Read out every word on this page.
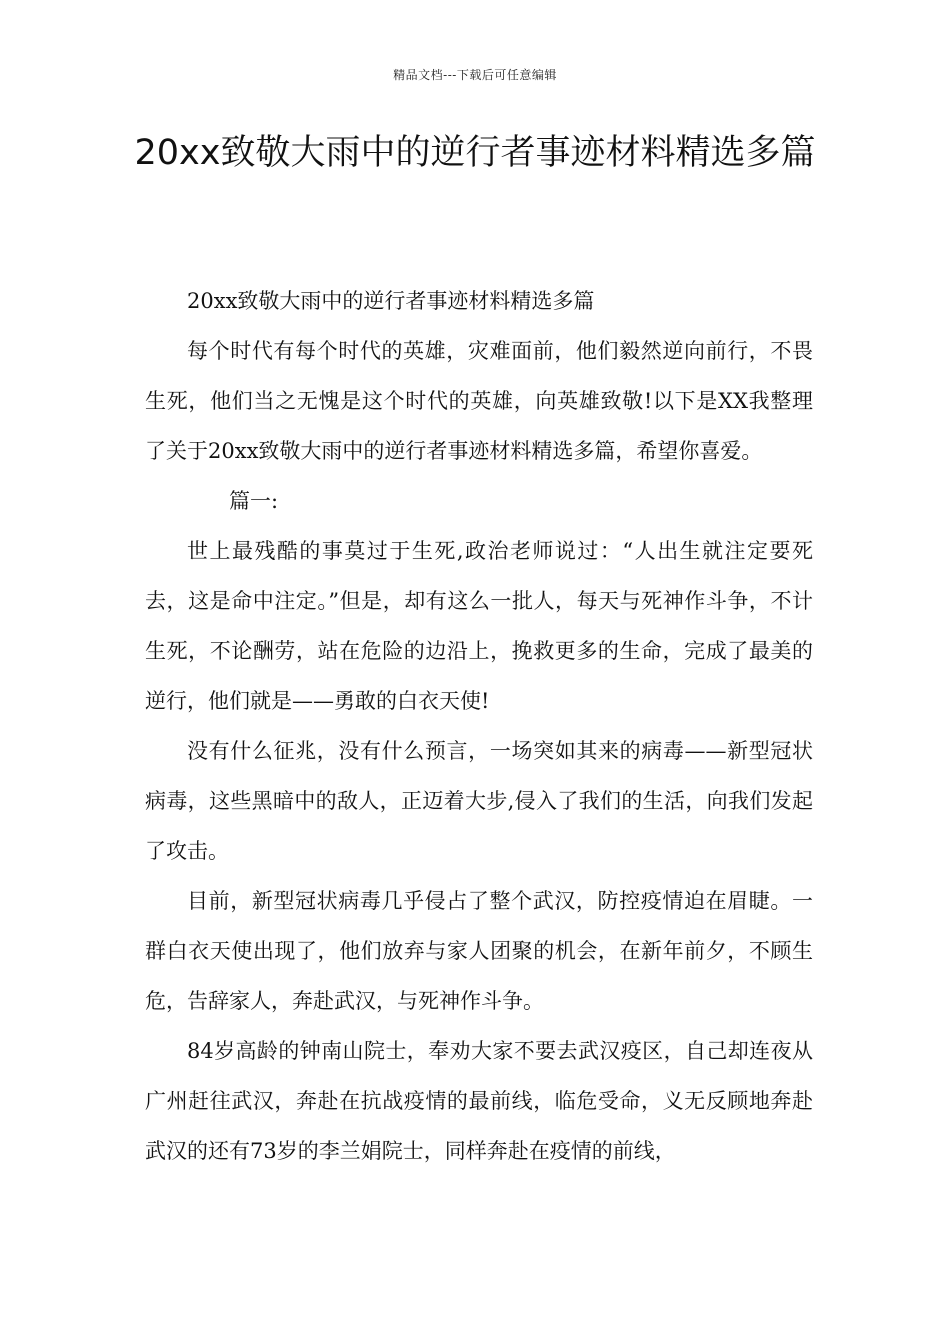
精品文档---下载后可任意编辑
20xx致敬大雨中的逆行者事迹材料精选多篇

20xx致敬大雨中的逆行者事迹材料精选多篇

每个时代有每个时代的英雄，灾难面前，他们毅然逆向前行，不畏生死，他们当之无愧是这个时代的英雄，向英雄致敬!以下是XX我整理了关于20xx致敬大雨中的逆行者事迹材料精选多篇，希望你喜爱。

篇一:

世上最残酷的事莫过于生死,政治老师说过：“人出生就注定要死去，这是命中注定。”但是，却有这么一批人，每天与死神作斗争，不计生死，不论酬劳，站在危险的边沿上，挽救更多的生命，完成了最美的逆行，他们就是——勇敢的白衣天使!

没有什么征兆，没有什么预言，一场突如其来的病毒——新型冠状病毒，这些黑暗中的敌人，正迈着大步,侵入了我们的生活，向我们发起了攻击。

目前，新型冠状病毒几乎侵占了整个武汉，防控疫情迫在眉睫。一群白衣天使出现了，他们放弃与家人团聚的机会，在新年前夕，不顾生危，告辞家人，奔赴武汉，与死神作斗争。

84岁高龄的钟南山院士，奉劝大家不要去武汉疫区，自己却连夜从广州赶往武汉，奔赴在抗战疫情的最前线，临危受命，义无反顾地奔赴武汉的还有73岁的李兰娟院士，同样奔赴在疫情的前线，
